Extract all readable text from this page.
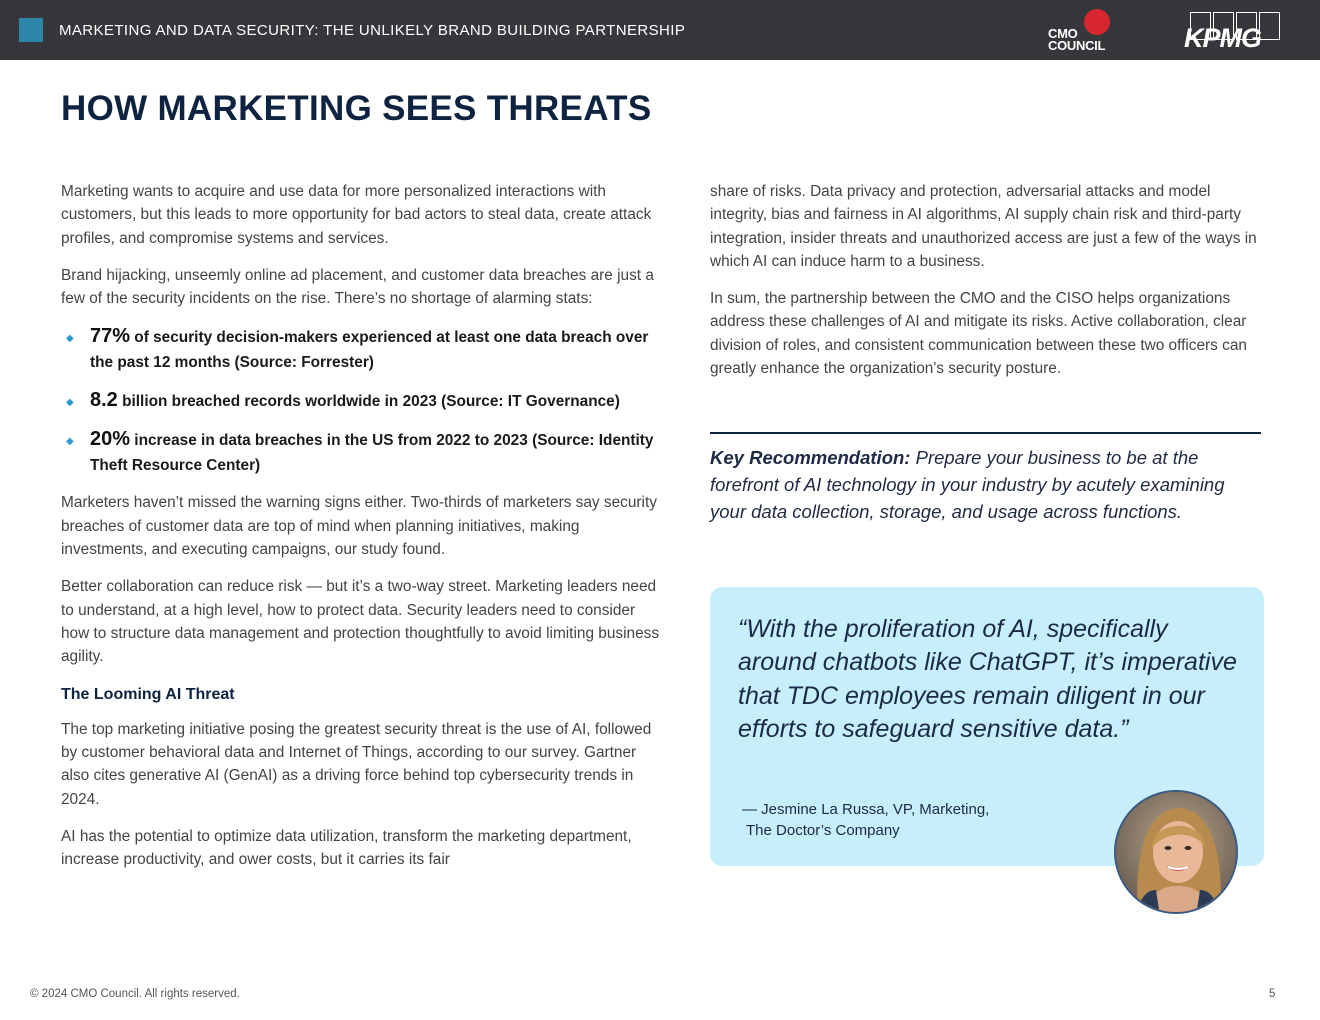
MARKETING AND DATA SECURITY: THE UNLIKELY BRAND BUILDING PARTNERSHIP	CMO
COUNCIL	KPMG
HOW MARKETING SEES THREATS

Marketing wants to acquire and use data for more personalized interactions with customers, but this leads to more opportunity for bad actors to steal data, create attack profiles, and compromise systems and services.

Brand hijacking, unseemly online ad placement, and customer data breaches are just a few of the security incidents on the rise. There’s no shortage of alarming stats:

◆ 77% of security decision-makers experienced at least one data breach over the past 12 months (Source: Forrester)
◆ 8.2 billion breached records worldwide in 2023 (Source: IT Governance)
◆ 20% increase in data breaches in the US from 2022 to 2023 (Source: Identity Theft Resource Center)

Marketers haven’t missed the warning signs either. Two-thirds of marketers say security breaches of customer data are top of mind when planning initiatives, making investments, and executing campaigns, our study found.

Better collaboration can reduce risk — but it’s a two-way street. Marketing leaders need to understand, at a high level, how to protect data. Security leaders need to consider how to structure data management and protection thoughtfully to avoid limiting business agility.

The Looming AI Threat

The top marketing initiative posing the greatest security threat is the use of AI, followed by customer behavioral data and Internet of Things, according to our survey. Gartner also cites generative AI (GenAI) as a driving force behind top cybersecurity trends in 2024.

AI has the potential to optimize data utilization, transform the marketing department, increase productivity, and ower costs, but it carries its fair

share of risks. Data privacy and protection, adversarial attacks and model integrity, bias and fairness in AI algorithms, AI supply chain risk and third-party integration, insider threats and unauthorized access are just a few of the ways in which AI can induce harm to a business.

In sum, the partnership between the CMO and the CISO helps organizations address these challenges of AI and mitigate its risks. Active collaboration, clear division of roles, and consistent communication between these two officers can greatly enhance the organization's security posture.

Key Recommendation: Prepare your business to be at the forefront of AI technology in your industry by acutely examining your data collection, storage, and usage across functions.
“With the proliferation of AI, specifically around chatbots like ChatGPT, it’s imperative that TDC employees remain diligent in our efforts to safeguard sensitive data.”
— Jesmine La Russa, VP, Marketing,
The Doctor’s Company
© 2024 CMO Council. All rights reserved.	5
